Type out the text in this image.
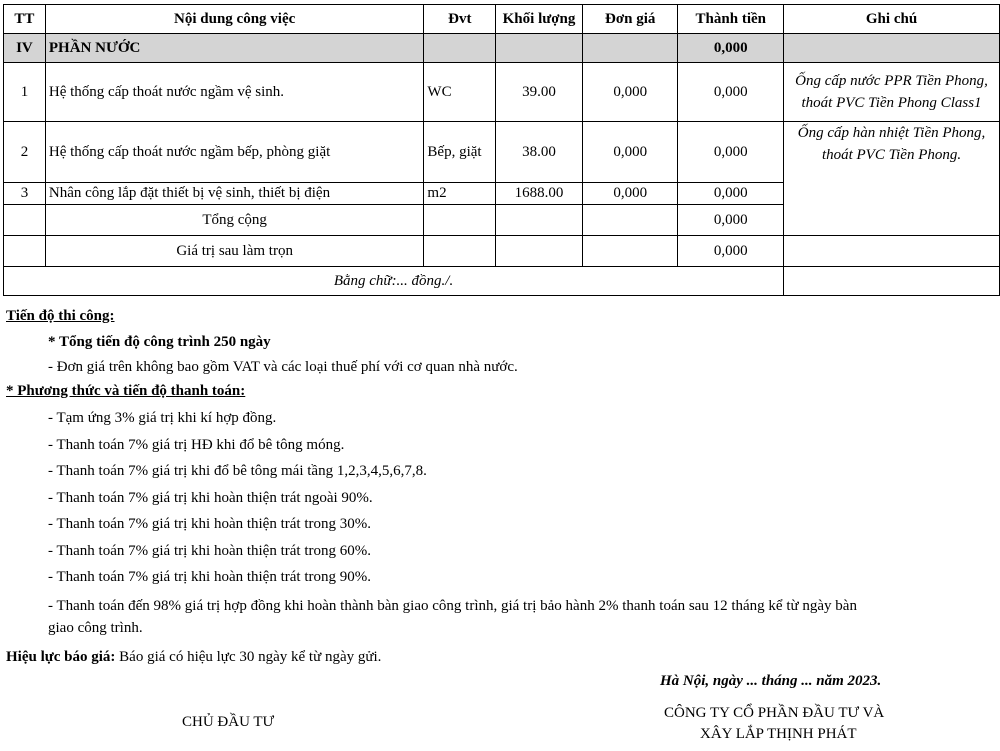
TT	Nội dung công việc	Đvt	Khối lượng	Đơn giá	Thành tiền	Ghi chú
IV	PHẦN NƯỚC				0,000	
1	Hệ thống cấp thoát nước ngầm vệ sinh.	WC	39.00	0,000	0,000	Ống cấp nước PPR Tiền Phong, thoát PVC Tiền Phong Class1
2	Hệ thống cấp thoát nước ngầm bếp, phòng giặt	Bếp, giặt	38.00	0,000	0,000	Ống cấp hàn nhiệt Tiền Phong, thoát PVC Tiền Phong.
3	Nhân công lắp đặt thiết bị vệ sinh, thiết bị điện	m2	1688.00	0,000	0,000	
	Tổng cộng				0,000	
	Giá trị sau làm trọn				0,000	
Bằng chữ:... đồng./.						
Tiến độ thi công:
* Tổng tiến độ công trình 250 ngày
- Đơn giá trên không bao gồm VAT và các loại thuế phí với cơ quan nhà nước.
* Phương thức và tiến độ thanh toán:
- Tạm ứng 3% giá trị khi kí hợp đồng.
- Thanh toán 7% giá trị HĐ khi đổ bê tông móng.
- Thanh toán 7% giá trị khi đổ bê tông mái tầng 1,2,3,4,5,6,7,8.
- Thanh toán 7% giá trị khi hoàn thiện trát ngoài 90%.
- Thanh toán 7% giá trị khi hoàn thiện trát trong 30%.
- Thanh toán 7% giá trị khi hoàn thiện trát trong 60%.
- Thanh toán 7% giá trị khi hoàn thiện trát trong 90%.
- Thanh toán đến 98% giá trị hợp đồng khi hoàn thành bàn giao công trình, giá trị bảo hành 2% thanh toán sau 12 tháng kể từ ngày bàn
giao công trình.
Hiệu lực báo giá: Báo giá có hiệu lực 30 ngày kể từ ngày gửi.
Hà Nội, ngày ... tháng ... năm 2023.
CHỦ ĐẦU TƯ
CÔNG TY CỔ PHẦN ĐẦU TƯ VÀ
XÂY LẮP THỊNH PHÁT
